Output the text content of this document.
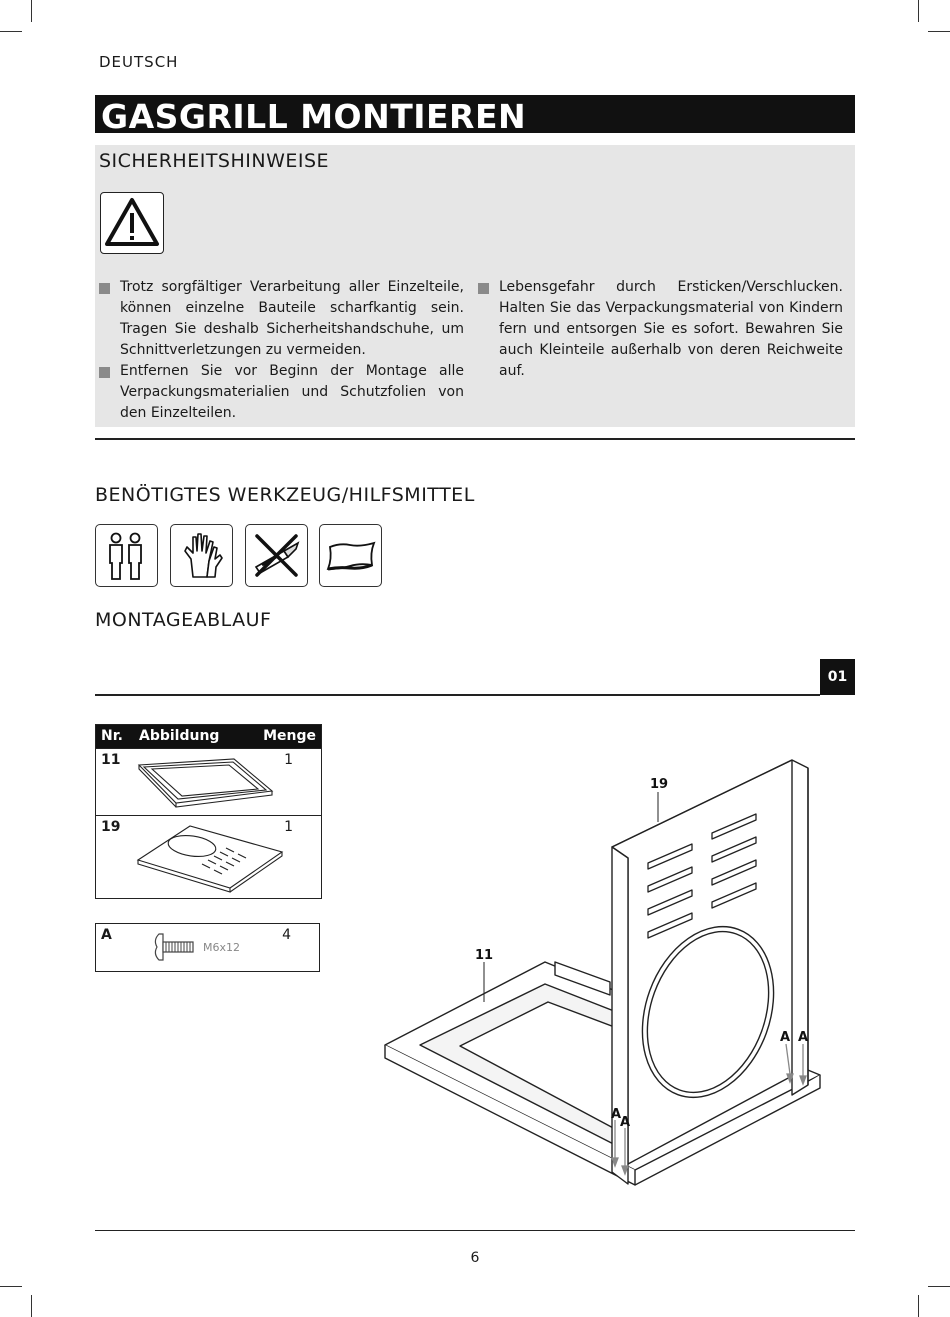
DEUTSCH
GASGRILL MONTIEREN
SICHERHEITSHINWEISE
Trotz sorgfältiger Verarbeitung aller Einzelteile, können einzelne Bauteile scharfkantig sein. Tragen Sie deshalb Sicherheitshandschuhe, um Schnittverletzungen zu vermeiden.
Entfernen Sie vor Beginn der Montage alle Verpackungsmaterialien und Schutzfolien von den Einzelteilen.
Lebensgefahr durch Ersticken/Verschlucken. Halten Sie das Verpackungsmaterial von Kindern fern und entsorgen Sie es sofort. Bewahren Sie auch Kleinteile außerhalb von deren Reichweite auf.
BENÖTIGTES WERKZEUG/HILFSMITTEL
MONTAGEABLAUF
01
Nr. Abbildung	Menge
11	1
19	1
A	4
M6x12
19
11
A
A
A A
6
